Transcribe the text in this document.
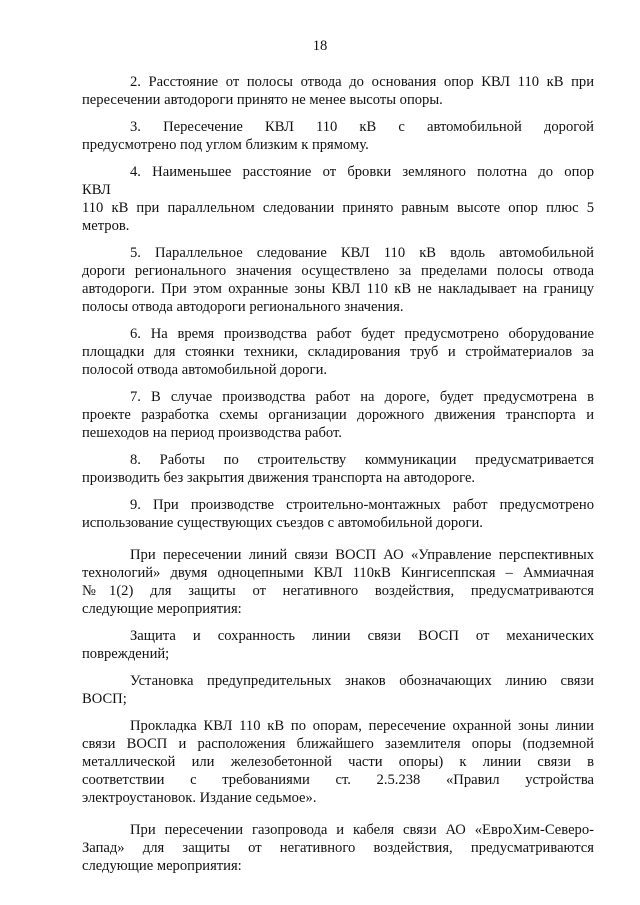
18
2. Расстояние от полосы отвода до основания опор КВЛ 110 кВ при
пересечении автодороги принято не менее высоты опоры.
3. Пересечение КВЛ 110 кВ с автомобильной дорогой
предусмотрено под углом близким к прямому.
4. Наименьшее расстояние от бровки земляного полотна до опор
КВЛ
110 кВ при параллельном следовании принято равным высоте опор плюс 5
метров.
5. Параллельное следование КВЛ 110 кВ вдоль автомобильной
дороги регионального значения осуществлено за пределами полосы отвода
автодороги. При этом охранные зоны КВЛ 110 кВ не накладывает на границу
полосы отвода автодороги регионального значения.
6. На время производства работ будет предусмотрено оборудование
площадки для стоянки техники, складирования труб и стройматериалов за
полосой отвода автомобильной дороги.
7. В случае производства работ на дороге, будет предусмотрена в
проекте разработка схемы организации дорожного движения транспорта и
пешеходов на период производства работ.
8. Работы по строительству коммуникации предусматривается
производить без закрытия движения транспорта на автодороге.
9. При производстве строительно-монтажных работ предусмотрено
использование существующих съездов с автомобильной дороги.
При пересечении линий связи ВОСП АО «Управление перспективных
технологий» двумя одноцепными КВЛ 110кВ Кингисеппская – Аммиачная
№1(2) для защиты от негативного воздействия, предусматриваются
следующие мероприятия:
Защита и сохранность линии связи ВОСП от механических
повреждений;
Установка предупредительных знаков обозначающих линию связи
ВОСП;
Прокладка КВЛ 110 кВ по опорам, пересечение охранной зоны линии
связи ВОСП и расположения ближайшего заземлителя опоры (подземной
металлической или железобетонной части опоры) к линии связи в
соответствии с требованиями ст. 2.5.238 «Правил устройства
электроустановок. Издание седьмое».
При пересечении газопровода и кабеля связи АО «ЕвроХим-Северо-
Запад» для защиты от негативного воздействия, предусматриваются
следующие мероприятия:
